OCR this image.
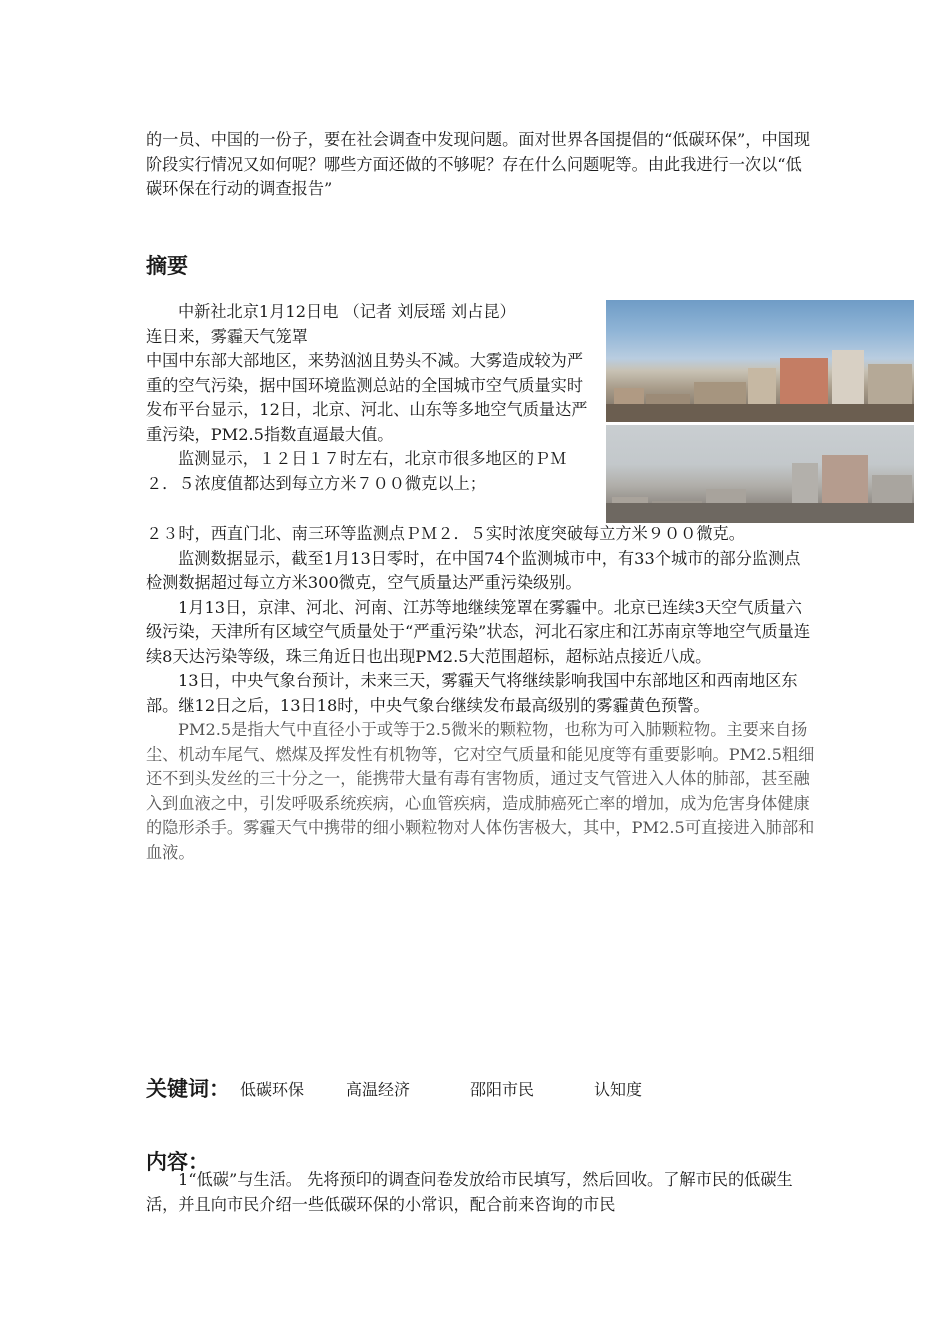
的一员、中国的一份子，要在社会调查中发现问题。面对世界各国提倡的“低碳环保”，中国现阶段实行情况又如何呢？哪些方面还做的不够呢？存在什么问题呢等。由此我进行一次以“低碳环保在行动的调查报告”

摘要

中新社北京1月12日电 （记者 刘辰瑶 刘占昆）

连日来，雾霾天气笼罩

中国中东部大部地区，来势汹汹且势头不减。大雾造成较为严重的空气污染，据中国环境监测总站的全国城市空气质量实时发布平台显示，12日，北京、河北、山东等多地空气质量达严重污染，PM2.5指数直逼最大值。

监测显示，１２日１７时左右，北京市很多地区的ＰＭ２．５浓度值都达到每立方米７００微克以上；

２３时，西直门北、南三环等监测点ＰＭ２．５实时浓度突破每立方米９００微克。

监测数据显示，截至1月13日零时，在中国74个监测城市中，有33个城市的部分监测点检测数据超过每立方米300微克，空气质量达严重污染级别。

1月13日，京津、河北、河南、江苏等地继续笼罩在雾霾中。北京已连续3天空气质量六级污染，天津所有区域空气质量处于“严重污染”状态，河北石家庄和江苏南京等地空气质量连续8天达污染等级，珠三角近日也出现PM2.5大范围超标，超标站点接近八成。

13日，中央气象台预计，未来三天，雾霾天气将继续影响我国中东部地区和西南地区东部。继12日之后，13日18时，中央气象台继续发布最高级别的雾霾黄色预警。

PM2.5是指大气中直径小于或等于2.5微米的颗粒物，也称为可入肺颗粒物。主要来自扬尘、机动车尾气、燃煤及挥发性有机物等，它对空气质量和能见度等有重要影响。PM2.5粗细还不到头发丝的三十分之一，能携带大量有毒有害物质，通过支气管进入人体的肺部，甚至融入到血液之中，引发呼吸系统疾病，心血管疾病，造成肺癌死亡率的增加，成为危害身体健康的隐形杀手。雾霾天气中携带的细小颗粒物对人体伤害极大，其中，PM2.5可直接进入肺部和血液。

关键词： 低碳环保	高温经济	邵阳市民	认知度
内容：

1“低碳”与生活。 先将预印的调查问卷发放给市民填写，然后回收。了解市民的低碳生活，并且向市民介绍一些低碳环保的小常识，配合前来咨询的市民
